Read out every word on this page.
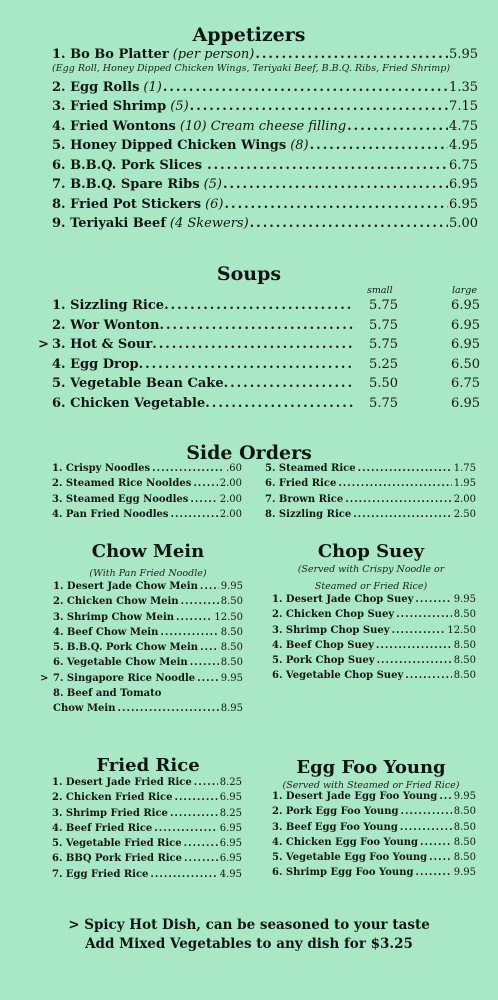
Appetizers
1. Bo Bo Platter (per person) .....	5.95
(Egg Roll, Honey Dipped Chicken Wings, Teriyaki Beef, B.B.Q. Ribs, Fried Shrimp)
2. Egg Rolls (1) .....	1.35
3. Fried Shrimp (5) .....	7.15
4. Fried Wontons (10) Cream cheese filling .....	4.75
5. Honey Dipped Chicken Wings (8) .....	4.95
6. B.B.Q. Pork Slices .....	6.75
7. B.B.Q. Spare Ribs (5) .....	6.95
8. Fried Pot Stickers (6) .....	6.95
9. Teriyaki Beef (4 Skewers) .....	5.00
Soups
small	large
1. Sizzling Rice .....	5.75	6.95
2. Wor Wonton .....	5.75	6.95
> 3. Hot & Sour .....	5.75	6.95
4. Egg Drop .....	5.25	6.50
5. Vegetable Bean Cake .....	5.50	6.75
6. Chicken Vegetable .....	5.75	6.95
Side Orders
1. Crispy Noodles .....	.60
2. Steamed Rice Nooldes .....	2.00
3. Steamed Egg Noodles .....	2.00
4. Pan Fried Noodles .....	2.00
5. Steamed Rice .....	1.75
6. Fried Rice .....	1.95
7. Brown Rice .....	2.00
8. Sizzling Rice .....	2.50
Chow Mein
(With Pan Fried Noodle)
1. Desert Jade Chow Mein ..... 9.95
2. Chicken Chow Mein .....	8.50
3. Shrimp Chow Mein .....	12.50
4. Beef Chow Mein .....	8.50
5. B.B.Q. Pork Chow Mein ..... 8.50
6. Vegetable Chow Mein .....	8.50
> 7. Singapore Rice Noodle .....	9.95
8. Beef and Tomato
Chow Mein .....	8.95
Chop Suey
(Served with Crispy Noodle or
Steamed or Fried Rice)
1. Desert Jade Chop Suey .....	9.95
2. Chicken Chop Suey .....	8.50
3. Shrimp Chop Suey .....	12.50
4. Beef Chop Suey .....	8.50
5. Pork Chop Suey .....	8.50
6. Vegetable Chop Suey .....	8.50
Fried Rice
1. Desert Jade Fried Rice .....	8.25
2. Chicken Fried Rice .....	6.95
3. Shrimp Fried Rice .....	8.25
4. Beef Fried Rice .....	6.95
5. Vegetable Fried Rice .....	6.95
6. BBQ Pork Fried Rice .....	6.95
7. Egg Fried Rice .....	4.95
Egg Foo Young
(Served with Steamed or Fried Rice)
1. Desert Jade Egg Foo Young ..... 9.95
2. Pork Egg Foo Young .....	8.50
3. Beef Egg Foo Young .....	8.50
4. Chicken Egg Foo Young .....	8.50
5. Vegetable Egg Foo Young .....	8.50
6. Shrimp Egg Foo Young .....	9.95
> Spicy Hot Dish, can be seasoned to your taste
Add Mixed Vegetables to any dish for $3.25
